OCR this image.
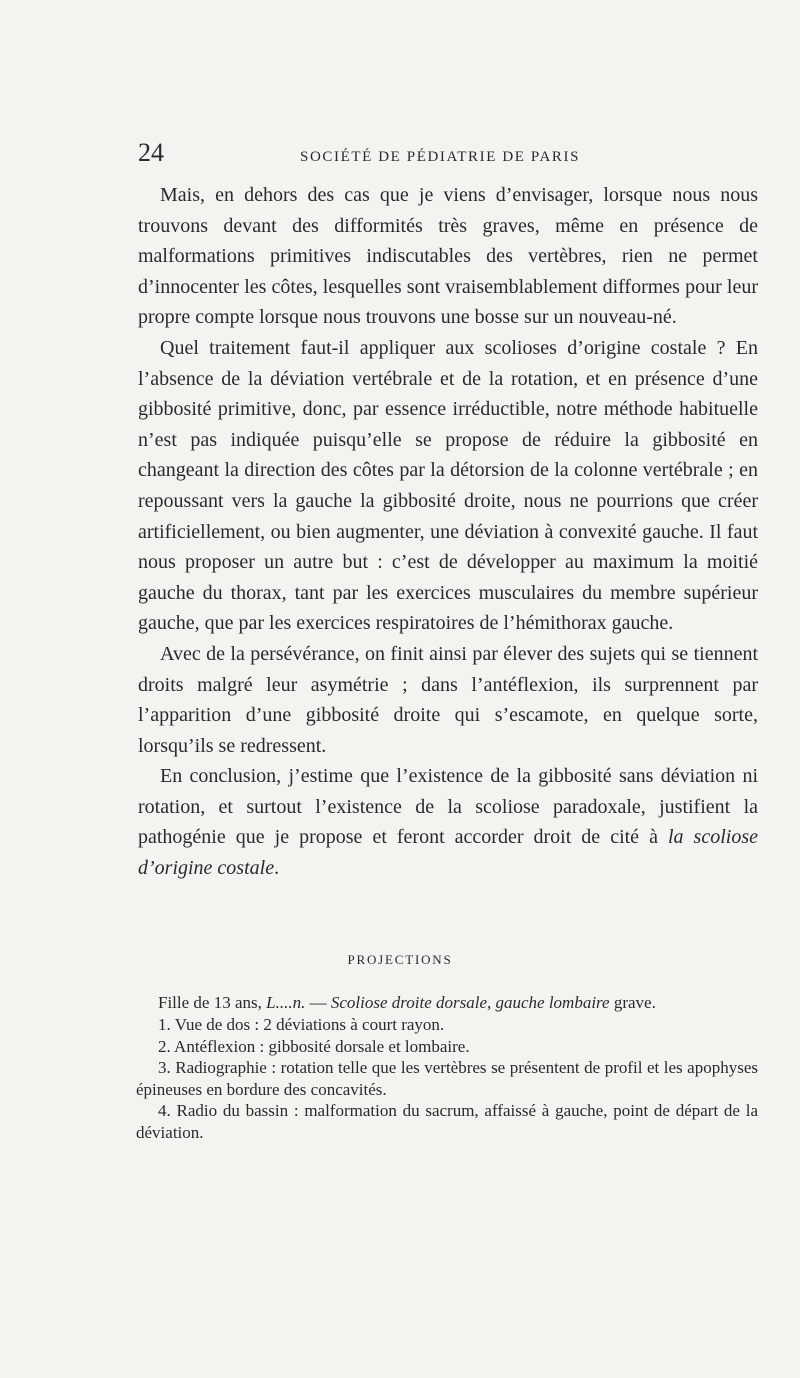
24	SOCIÉTÉ DE PÉDIATRIE DE PARIS

Mais, en dehors des cas que je viens d’envisager, lorsque nous nous trouvons devant des difformités très graves, même en présence de malformations primitives indiscutables des vertèbres, rien ne permet d’innocenter les côtes, lesquelles sont vraisemblablement difformes pour leur propre compte lorsque nous trouvons une bosse sur un nouveau-né.

Quel traitement faut-il appliquer aux scolioses d’origine costale ? En l’absence de la déviation vertébrale et de la rotation, et en présence d’une gibbosité primitive, donc, par essence irréductible, notre méthode habituelle n’est pas indiquée puisqu’elle se propose de réduire la gibbosité en changeant la direction des côtes par la détorsion de la colonne vertébrale ; en repoussant vers la gauche la gibbosité droite, nous ne pourrions que créer artificiellement, ou bien augmenter, une déviation à convexité gauche. Il faut nous proposer un autre but : c’est de développer au maximum la moitié gauche du thorax, tant par les exercices musculaires du membre supérieur gauche, que par les exercices respiratoires de l’hémithorax gauche.

Avec de la persévérance, on finit ainsi par élever des sujets qui se tiennent droits malgré leur asymétrie ; dans l’antéflexion, ils surprennent par l’apparition d’une gibbosité droite qui s’escamote, en quelque sorte, lorsqu’ils se redressent.

En conclusion, j’estime que l’existence de la gibbosité sans déviation ni rotation, et surtout l’existence de la scoliose paradoxale, justifient la pathogénie que je propose et feront accorder droit de cité à la scoliose d’origine costale.

PROJECTIONS

Fille de 13 ans, L....n. — Scoliose droite dorsale, gauche lombaire grave.

1. Vue de dos : 2 déviations à court rayon.
2. Antéflexion : gibbosité dorsale et lombaire.
3. Radiographie : rotation telle que les vertèbres se présentent de profil et les apophyses épineuses en bordure des concavités.
4. Radio du bassin : malformation du sacrum, affaissé à gauche, point de départ de la déviation.
